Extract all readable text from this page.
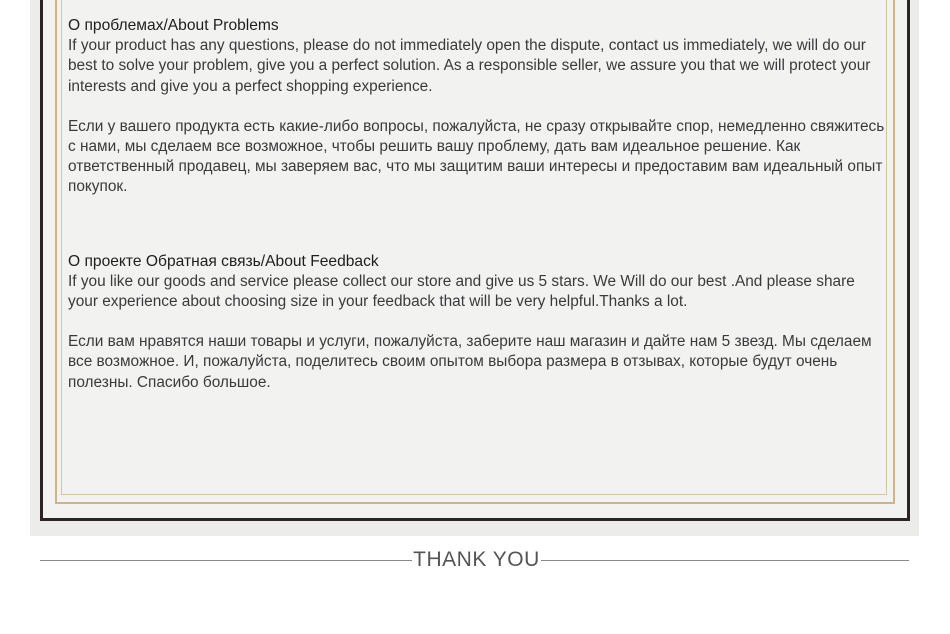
О проблемах/About Problems

If your product has any questions, please do not immediately open the dispute, contact us immediately, we will do our best to solve your problem, give you a perfect solution. As a responsible seller, we assure you that we will protect your interests and give you a perfect shopping experience.

Если у вашего продукта есть какие-либо вопросы, пожалуйста, не сразу открывайте спор, немедленно свяжитесь с нами, мы сделаем все возможное, чтобы решить вашу проблему, дать вам идеальное решение. Как ответственный продавец, мы заверяем вас, что мы защитим ваши интересы и предоставим вам идеальный опыт покупок.

О проекте Обратная связь/About Feedback

If you like our goods and service please collect our store and give us 5 stars. We Will do our best .And please share your experience about choosing size in your feedback that will be very helpful.Thanks a lot.

Если вам нравятся наши товары и услуги, пожалуйста, заберите наш магазин и дайте нам 5 звезд. Мы сделаем все возможное. И, пожалуйста, поделитесь своим опытом выбора размера в отзывах, которые будут очень полезны. Спасибо большое.

THANK YOU
